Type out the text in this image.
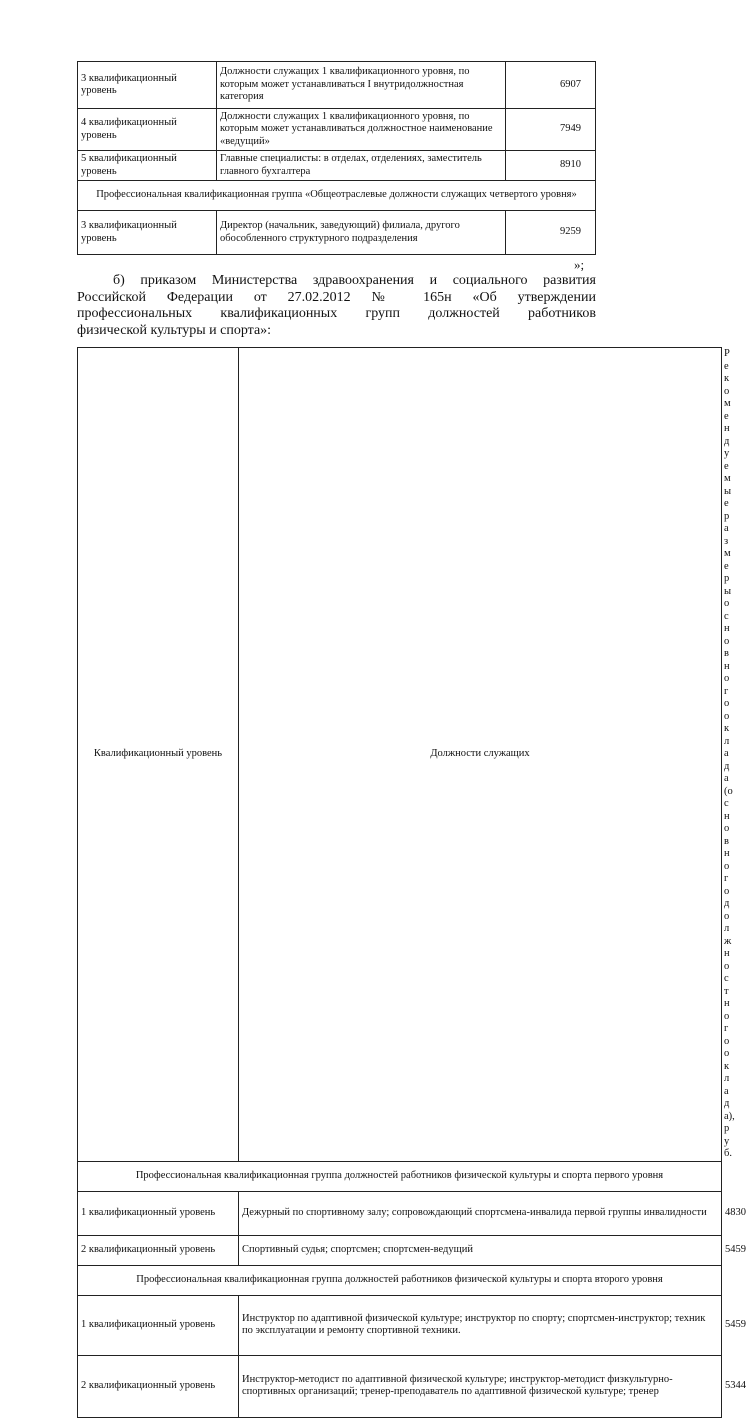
3 квалификационный уровень	Должности служащих 1 квалификационного уровня, по которым может устанавливаться I внутридолжностная категория	6907
4 квалификационный уровень	Должности служащих 1 квалификационного уровня, по которым может устанавливаться должностное наименование «ведущий»	7949
5 квалификационный уровень	Главные специалисты: в отделах, отделениях, заместитель главного бухгалтера	8910
Профессиональная квалификационная группа «Общеотраслевые должности служащих четвертого уровня»		
3 квалификационный уровень	Директор (начальник, заведующий) филиала, другого обособленного структурного подразделения	9259
»;
б) приказом Министерства здравоохранения и социального развития
Российской Федерации от 27.02.2012 № 165н «Об утверждении
профессиональных квалификационных групп должностей работников
физической культуры и спорта»:
Квалификационный уровень	Должности служащих	Рекомендуемые размеры основного оклада (основного должностного оклада), руб.
Профессиональная квалификационная группа должностей работников физической культуры и спорта первого уровня		
1 квалификационный уровень	Дежурный по спортивному залу; сопровождающий спортсмена-инвалида первой группы инвалидности	4830
2 квалификационный уровень	Спортивный судья; спортсмен; спортсмен-ведущий	5459
Профессиональная квалификационная группа должностей работников физической культуры и спорта второго уровня		
1 квалификационный уровень	Инструктор по адаптивной физической культуре; инструктор по спорту; спортсмен-инструктор; техник по эксплуатации и ремонту спортивной техники.	5459
2 квалификационный уровень	Инструктор-методист по адаптивной физической культуре; инструктор-методист физкультурно-спортивных организаций; тренер-преподаватель по адаптивной физической культуре; тренер	5344
